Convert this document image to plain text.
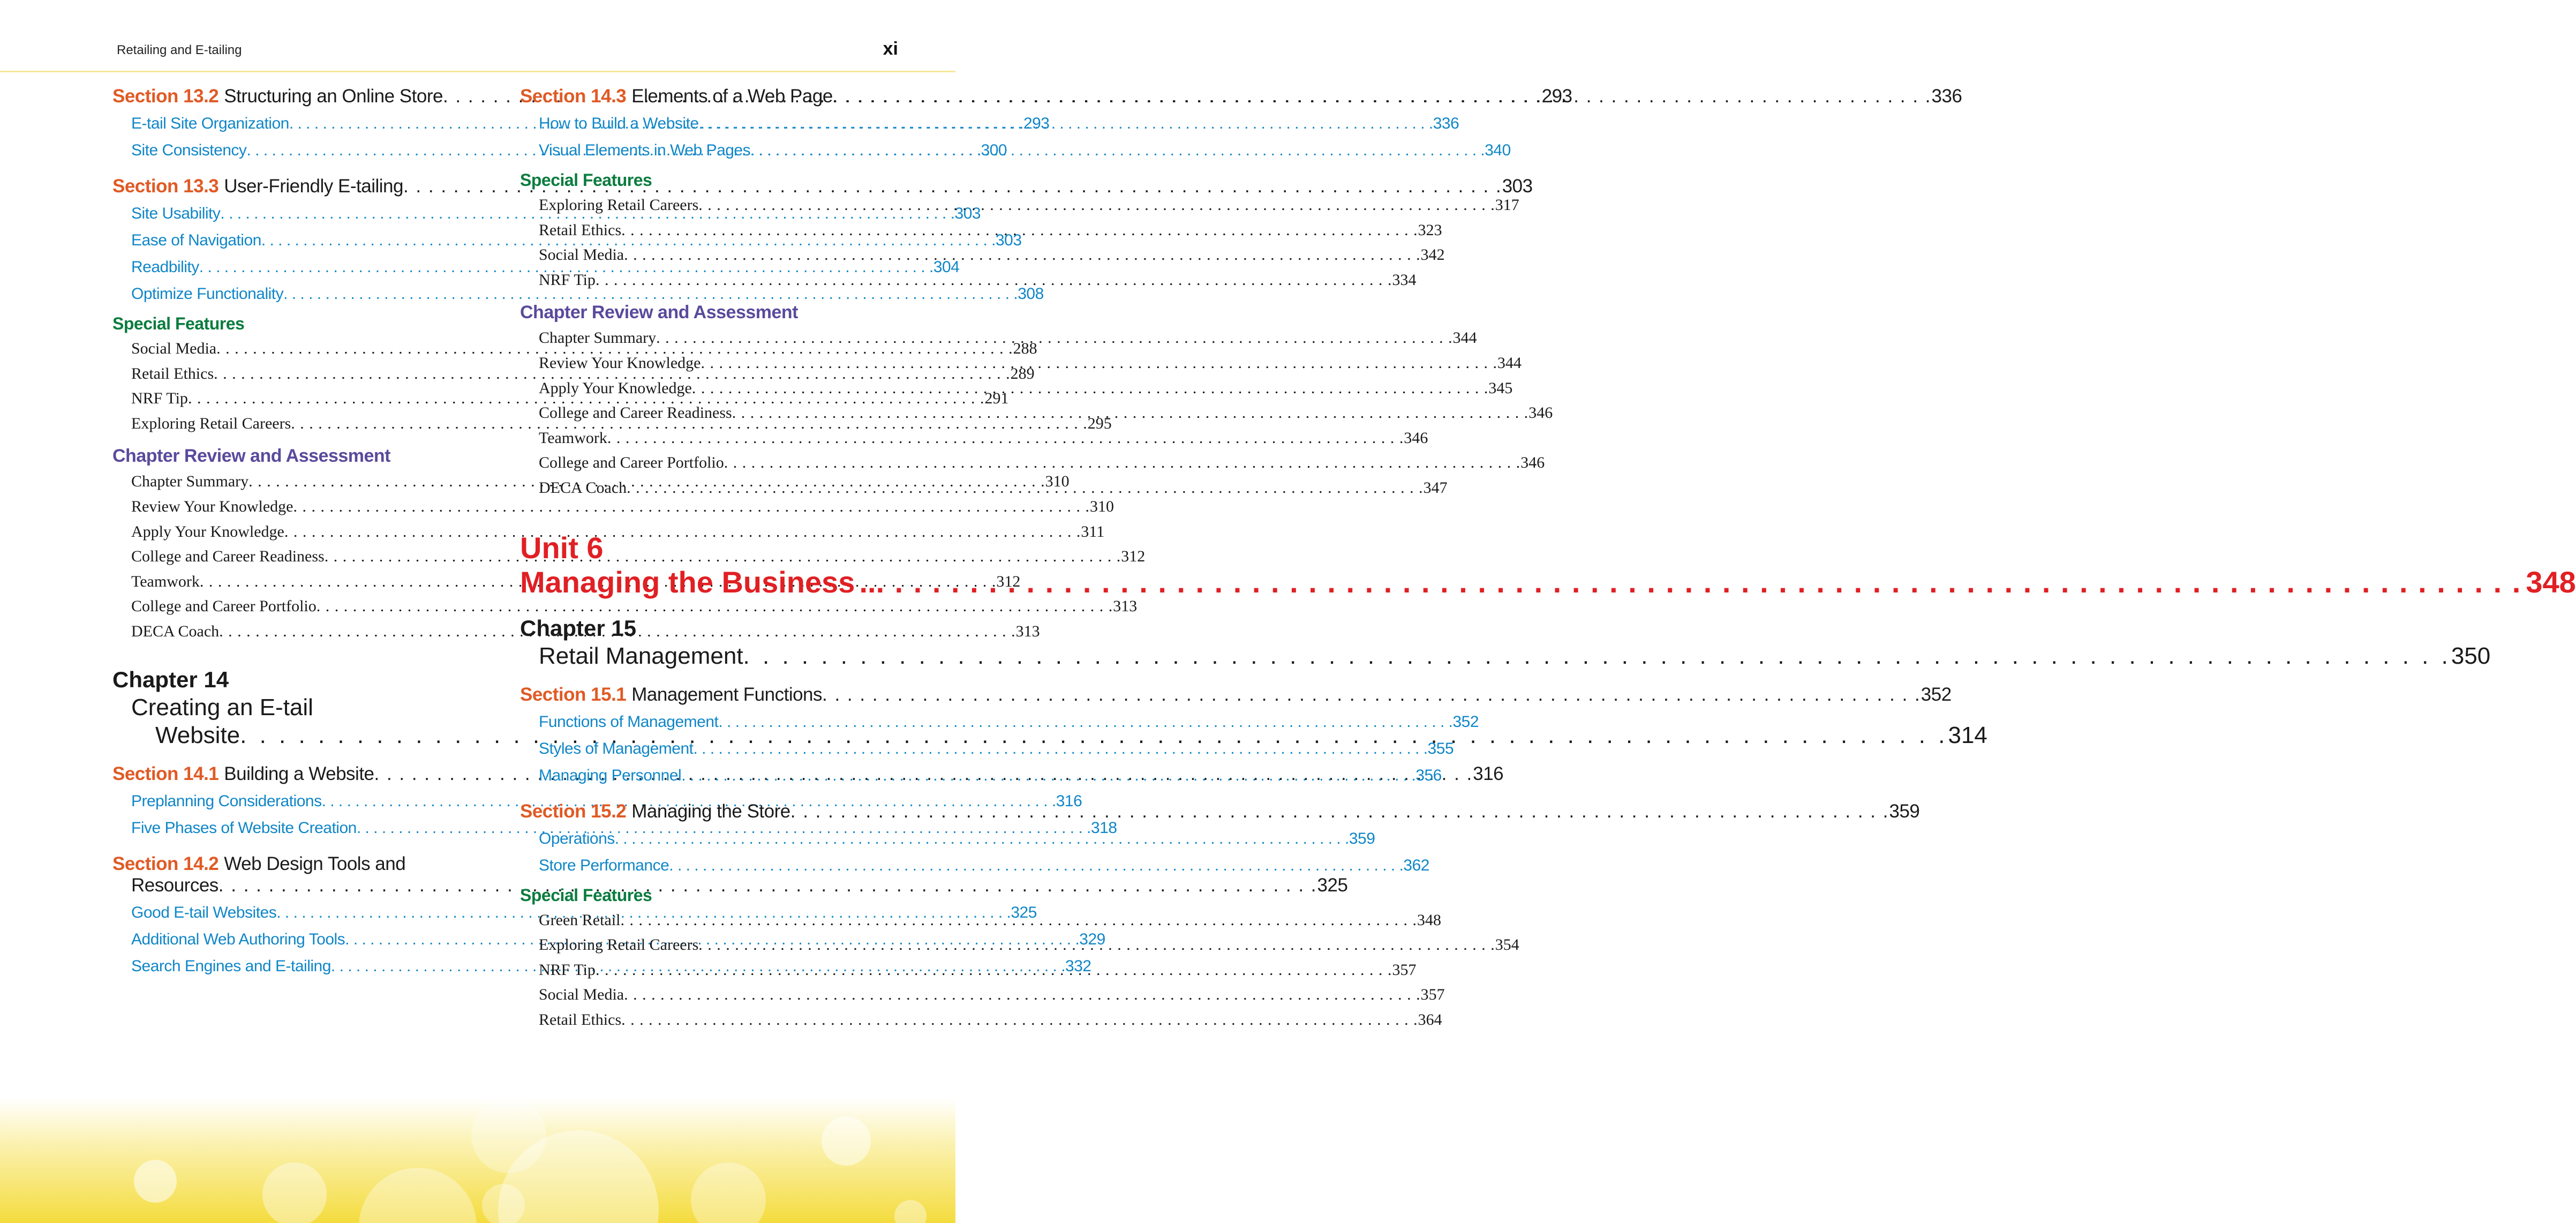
Retailing and E-tailing	xi
Section 13.2 Structuring an Online Store . . .	293
E-tail Site Organization . . .	293
Site Consistency . . .	300
Section 13.3 User-Friendly E-tailing . . .	303
Site Usability . . .	303
Ease of Navigation . . .	303
Readbility . . .	304
Optimize Functionality . . .	308
Special Features
Social Media . . .	288
Retail Ethics . . .	289
NRF Tip . . .	291
Exploring Retail Careers . . .	295
Chapter Review and Assessment
Chapter Summary . . .	310
Review Your Knowledge . . .	310
Apply Your Knowledge . . .	311
College and Career Readiness . . .	312
Teamwork . . .	312
College and Career Portfolio . . .	313
DECA Coach . . .	313
Chapter 14
Creating an E-tail
Website . . .	314
Section 14.1 Building a Website . . .	316
Preplanning Considerations . . .	316
Five Phases of Website Creation . . .	318
Section 14.2 Web Design Tools and
Resources . . .	325
Good E-tail Websites . . .	325
Additional Web Authoring Tools . . .	329
Search Engines and E-tailing . . .	332
Section 14.3 Elements of a Web Page . . .	336
How to Build a Website . . .	336
Visual Elements in Web Pages . . .	340
Special Features
Exploring Retail Careers . . .	317
Retail Ethics . . .	323
Social Media . . .	342
NRF Tip . . .	334
Chapter Review and Assessment
Chapter Summary . . .	344
Review Your Knowledge . . .	344
Apply Your Knowledge . . .	345
College and Career Readiness . . .	346
Teamwork . . .	346
College and Career Portfolio . . .	346
DECA Coach . . .	347
Unit 6
Managing the Business .. . . .	348
Chapter 15
Retail Management . . .	350
Section 15.1 Management Functions . . .	352
Functions of Management . . .	352
Styles of Management . . .	355
Managing Personnel . . .	356
Section 15.2 Managing the Store . . .	359
Operations . . .	359
Store Performance . . .	362
Special Features
Green Retail . . .	348
Exploring Retail Careers . . .	354
NRF Tip . . .	357
Social Media . . .	357
Retail Ethics . . .	364
